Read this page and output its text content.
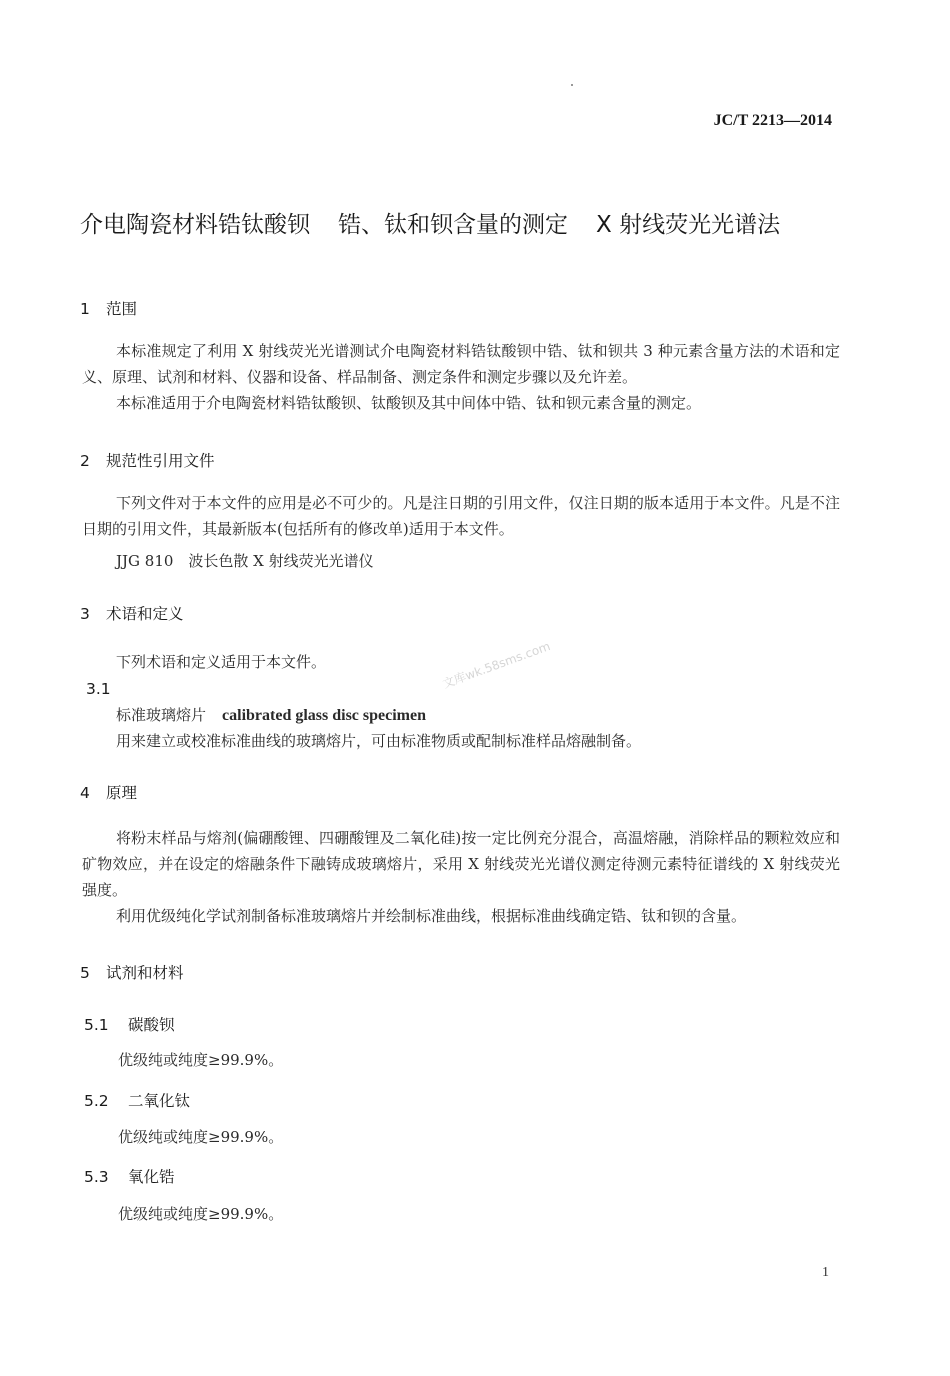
JC/T 2213—2014
介电陶瓷材料锆钛酸钡 锆、钛和钡含量的测定 X 射线荧光光谱法
1 范围
本标准规定了利用 X 射线荧光光谱测试介电陶瓷材料锆钛酸钡中锆、钛和钡共 3 种元素含量方法的术语和定义、原理、试剂和材料、仪器和设备、样品制备、测定条件和测定步骤以及允许差。
本标准适用于介电陶瓷材料锆钛酸钡、钛酸钡及其中间体中锆、钛和钡元素含量的测定。
2 规范性引用文件
下列文件对于本文件的应用是必不可少的。凡是注日期的引用文件，仅注日期的版本适用于本文件。凡是不注日期的引用文件，其最新版本(包括所有的修改单)适用于本文件。
JJG 810　波长色散 X 射线荧光光谱仪
3 术语和定义
下列术语和定义适用于本文件。
3.1
标准玻璃熔片 calibrated glass disc specimen
用来建立或校准标准曲线的玻璃熔片，可由标准物质或配制标准样品熔融制备。
文库wk.58sms.com
4 原理
将粉末样品与熔剂(偏硼酸锂、四硼酸锂及二氧化硅)按一定比例充分混合，高温熔融，消除样品的颗粒效应和矿物效应，并在设定的熔融条件下融铸成玻璃熔片，采用 X 射线荧光光谱仪测定待测元素特征谱线的 X 射线荧光强度。
利用优级纯化学试剂制备标准玻璃熔片并绘制标准曲线，根据标准曲线确定锆、钛和钡的含量。
5 试剂和材料
5.1 碳酸钡
优级纯或纯度≥99.9%。
5.2 二氧化钛
优级纯或纯度≥99.9%。
5.3 氧化锆
优级纯或纯度≥99.9%。
1
